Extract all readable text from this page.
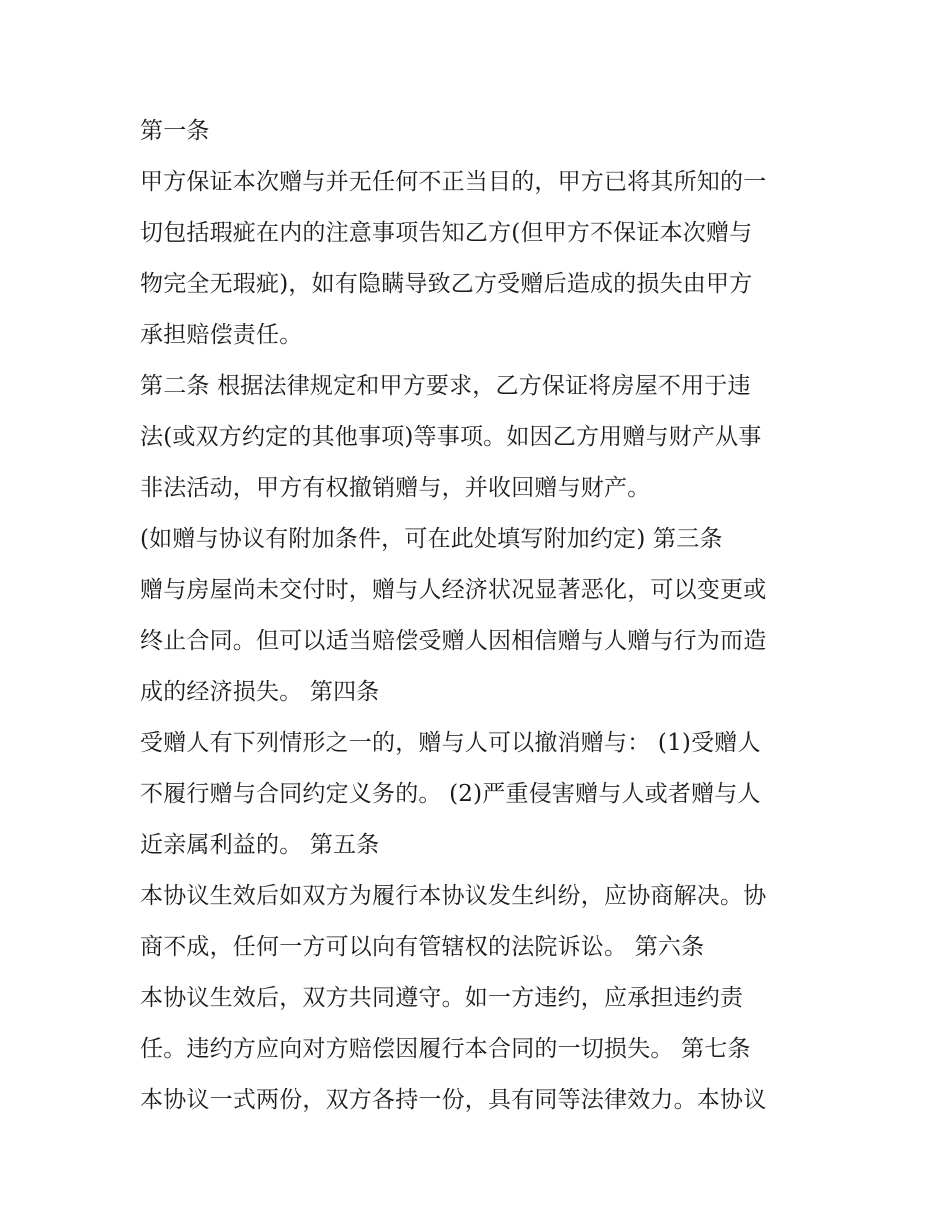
第一条
甲方保证本次赠与并无任何不正当目的，甲方已将其所知的一
切包括瑕疵在内的注意事项告知乙方(但甲方不保证本次赠与
物完全无瑕疵)，如有隐瞒导致乙方受赠后造成的损失由甲方
承担赔偿责任。
第二条 根据法律规定和甲方要求，乙方保证将房屋不用于违
法(或双方约定的其他事项)等事项。如因乙方用赠与财产从事
非法活动，甲方有权撤销赠与，并收回赠与财产。
(如赠与协议有附加条件，可在此处填写附加约定) 第三条
赠与房屋尚未交付时，赠与人经济状况显著恶化，可以变更或
终止合同。但可以适当赔偿受赠人因相信赠与人赠与行为而造
成的经济损失。 第四条
受赠人有下列情形之一的，赠与人可以撤消赠与： (1)受赠人
不履行赠与合同约定义务的。 (2)严重侵害赠与人或者赠与人
近亲属利益的。 第五条
本协议生效后如双方为履行本协议发生纠纷，应协商解决。协
商不成，任何一方可以向有管辖权的法院诉讼。 第六条
本协议生效后，双方共同遵守。如一方违约，应承担违约责
任。违约方应向对方赔偿因履行本合同的一切损失。 第七条
本协议一式两份，双方各持一份，具有同等法律效力。本协议
